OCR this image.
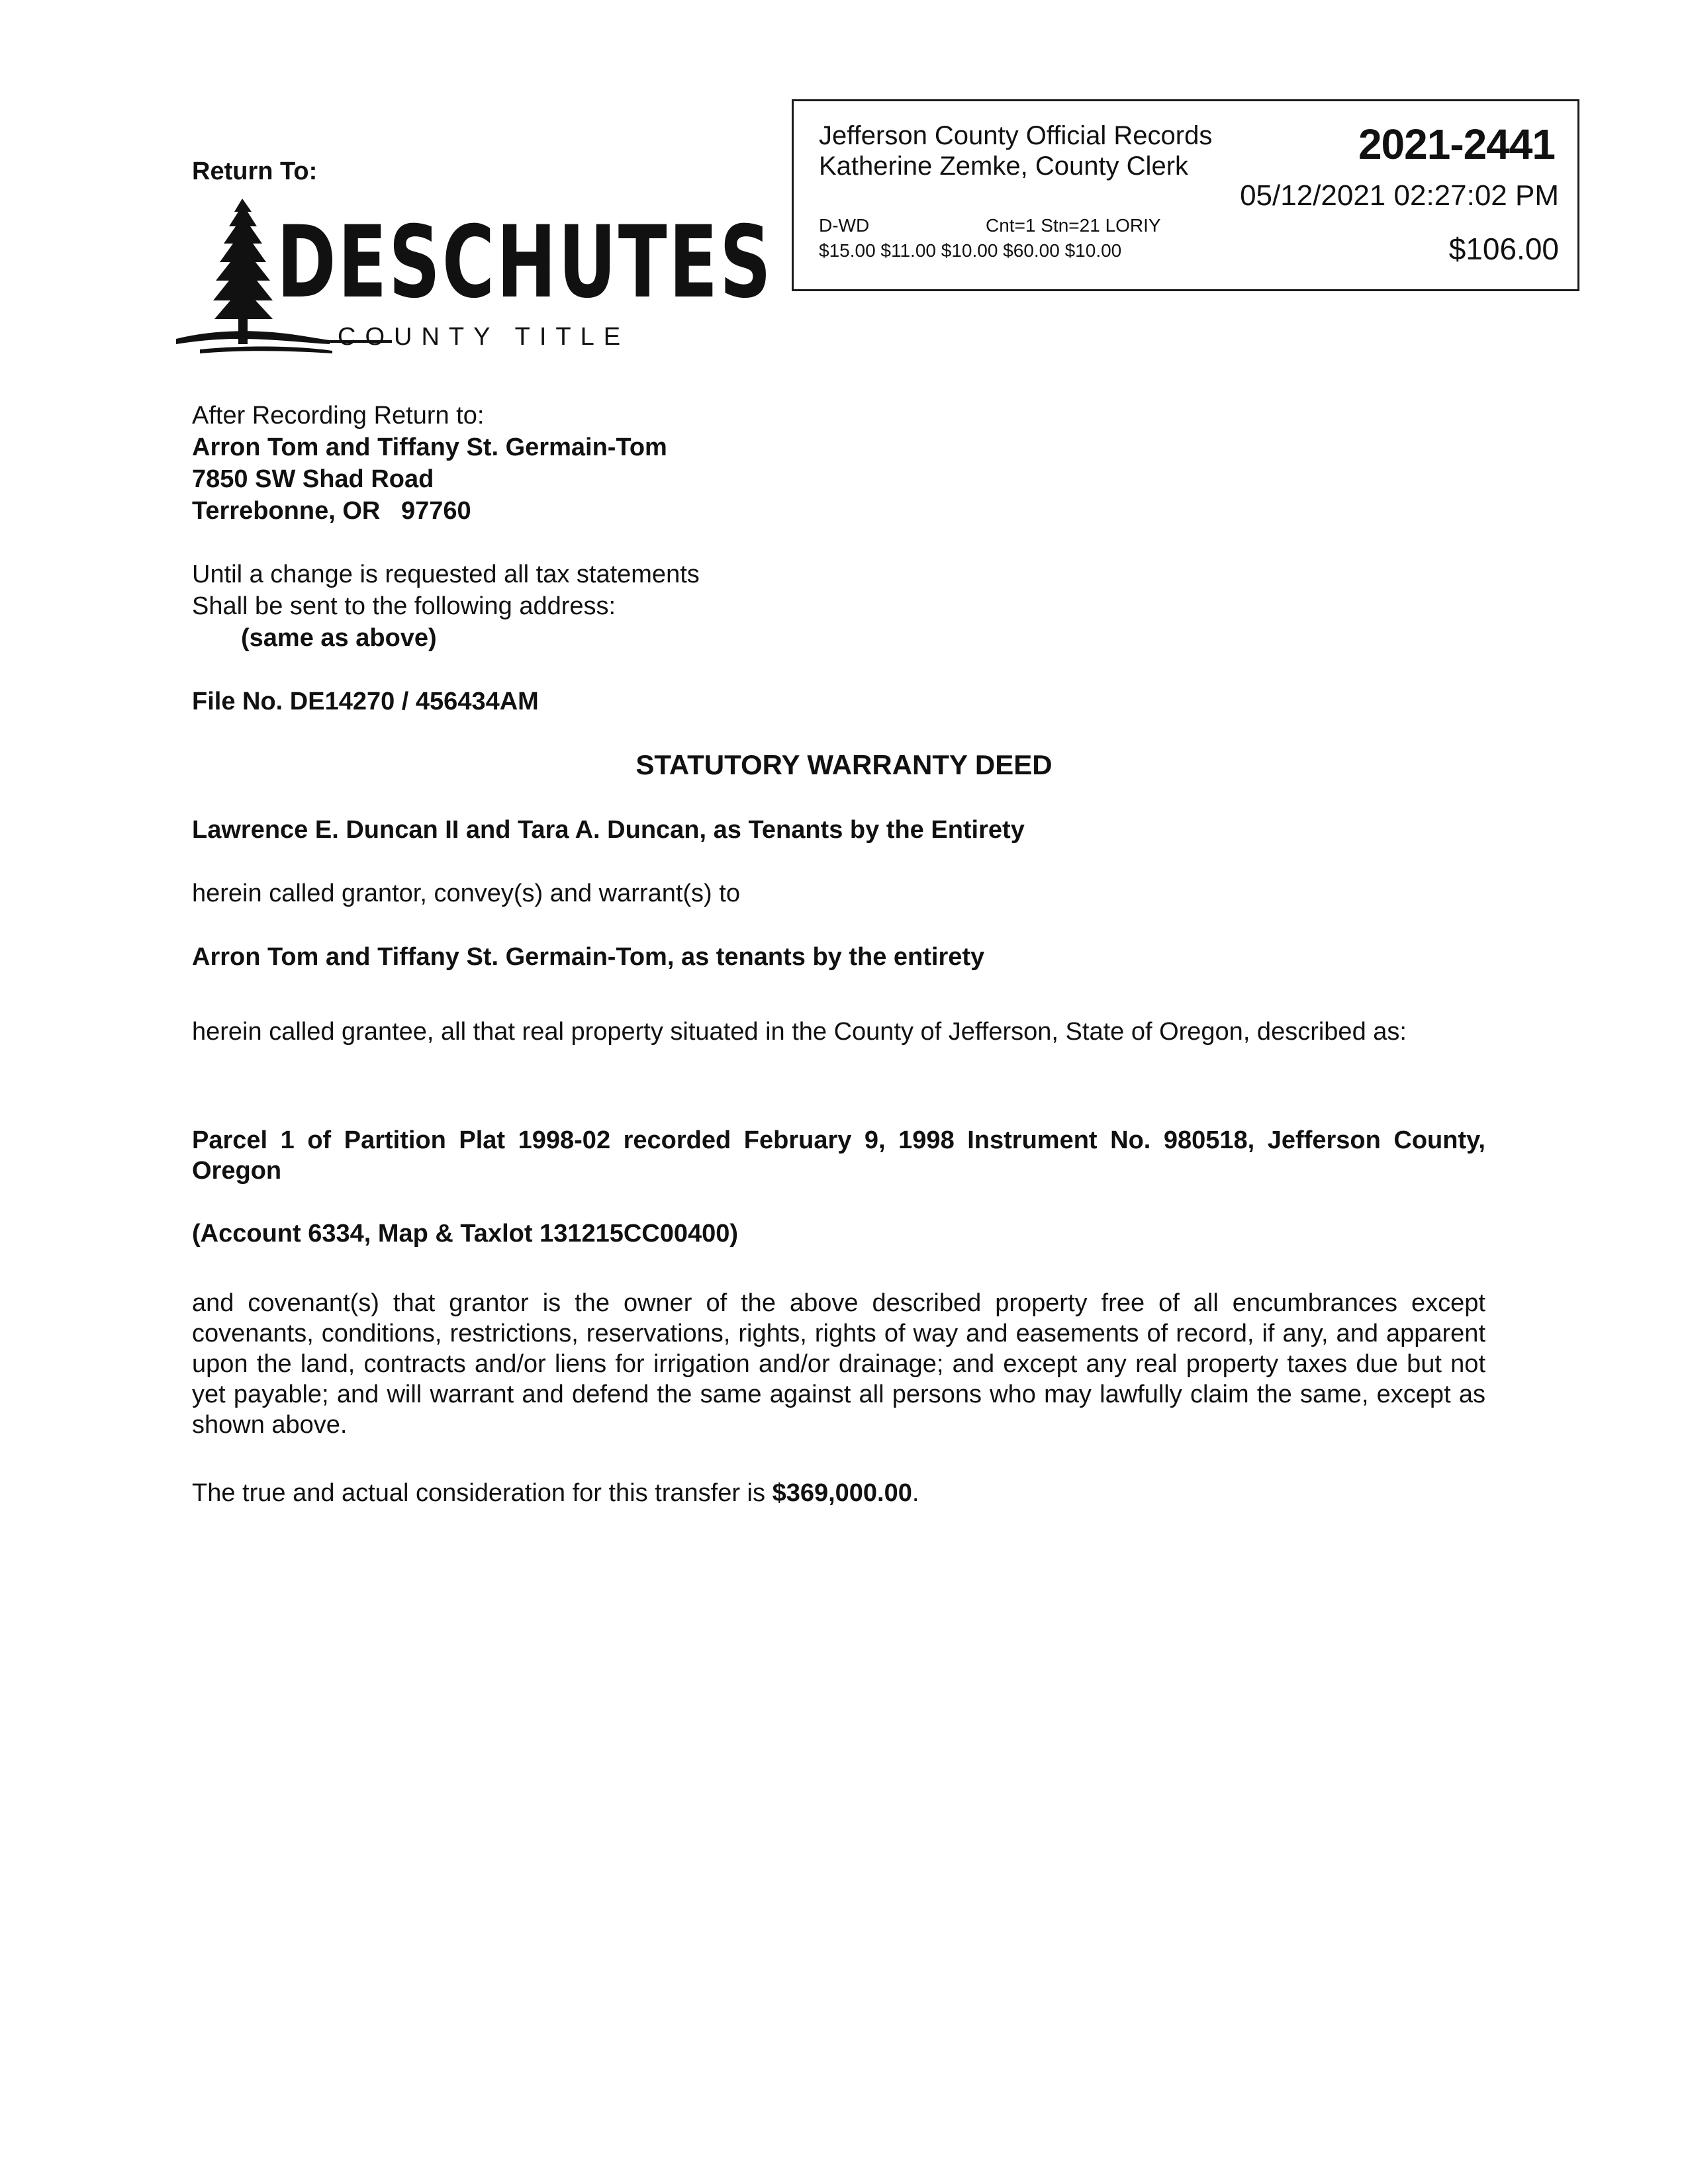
Jefferson County Official Records
Katherine Zemke, County Clerk	2021-2441
05/12/2021 02:27:02 PM
D-WD	Cnt=1 Stn=21 LORIY
$15.00 $11.00 $10.00 $60.00 $10.00	$106.00
Return To:
DESCHUTES
COUNTY TITLE
After Recording Return to:
Arron Tom and Tiffany St. Germain-Tom
7850 SW Shad Road
Terrebonne, OR   97760
Until a change is requested all tax statements
Shall be sent to the following address:
(same as above)
File No. DE14270 / 456434AM
STATUTORY WARRANTY DEED
Lawrence E. Duncan II and Tara A. Duncan, as Tenants by the Entirety
herein called grantor, convey(s) and warrant(s) to
Arron Tom and Tiffany St. Germain-Tom, as tenants by the entirety
herein called grantee, all that real property situated in the County of Jefferson, State of Oregon, described as:
Parcel 1 of Partition Plat 1998-02 recorded February 9, 1998 Instrument No. 980518, Jefferson County, Oregon
(Account 6334, Map & Taxlot 131215CC00400)
and covenant(s) that grantor is the owner of the above described property free of all encumbrances except covenants, conditions, restrictions, reservations, rights, rights of way and easements of record, if any, and apparent upon the land, contracts and/or liens for irrigation and/or drainage; and except any real property taxes due but not yet payable; and will warrant and defend the same against all persons who may lawfully claim the same, except as shown above.
The true and actual consideration for this transfer is $369,000.00.
